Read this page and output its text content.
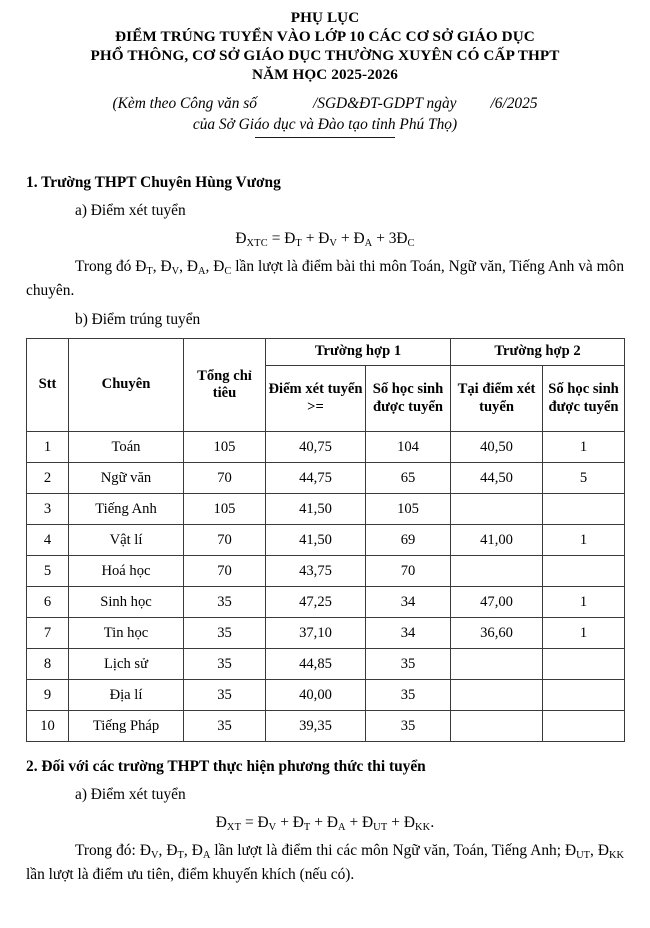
PHỤ LỤC
ĐIỂM TRÚNG TUYỂN VÀO LỚP 10 CÁC CƠ SỞ GIÁO DỤC
PHỔ THÔNG, CƠ SỞ GIÁO DỤC THƯỜNG XUYÊN CÓ CẤP THPT
NĂM HỌC 2025-2026
(Kèm theo Công văn số	/SGD&ĐT-GDPT ngày /6/2025
của Sở Giáo dục và Đào tạo tỉnh Phú Thọ)

1. Trường THPT Chuyên Hùng Vương

a) Điểm xét tuyển

$Đ_{XTC}$ = $Đ_T$ + $Đ_V$ + $Đ_A$ + $3Đ_C$

Trong đó $Đ_T$, $Đ_V$, $Đ_A$, $Đ_C$ lần lượt là điểm bài thi môn Toán, Ngữ văn, Tiếng Anh và môn chuyên.

b) Điểm trúng tuyển

Stt	Chuyên	Tổng chỉ tiêu	Trường hợp 1		Trường hợp 2	
			Điểm xét tuyển >=	Số học sinh được tuyển	Tại điểm xét tuyển	Số học sinh được tuyển
1	Toán	105	40,75	104	40,50	1
2	Ngữ văn	70	44,75	65	44,50	5
3	Tiếng Anh	105	41,50	105		
4	Vật lí	70	41,50	69	41,00	1
5	Hoá học	70	43,75	70		
6	Sinh học	35	47,25	34	47,00	1
7	Tin học	35	37,10	34	36,60	1
8	Lịch sử	35	44,85	35		
9	Địa lí	35	40,00	35		
10	Tiếng Pháp	35	39,35	35		

2. Đối với các trường THPT thực hiện phương thức thi tuyển

a) Điểm xét tuyển

$Đ_{XT}$ = $Đ_V$ + $Đ_T$ + $Đ_A$ + $Đ_{UT}$ + $Đ_{KK}$.

Trong đó: $Đ_V$, $Đ_T$, $Đ_A$ lần lượt là điểm thi các môn Ngữ văn, Toán, Tiếng Anh; $Đ_{UT}$, $Đ_{KK}$ lần lượt là điểm ưu tiên, điểm khuyến khích (nếu có).
